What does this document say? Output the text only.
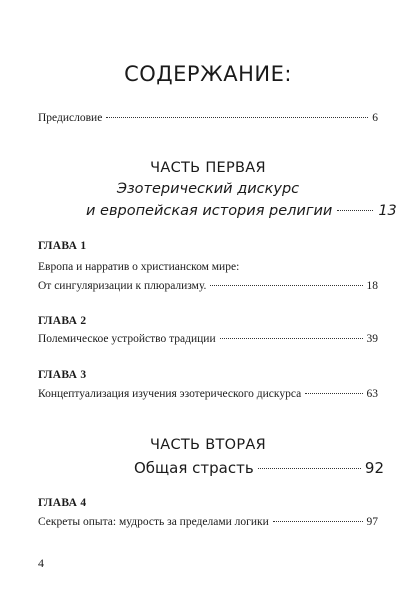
СОДЕРЖАНИЕ:
Предисловие	6
ЧАСТЬ ПЕРВАЯ
Эзотерический дискурс
и европейская история религии	13
ГЛАВА 1
Европа и нарратив о христианском мире:
От сингуляризации к плюрализму.	18
ГЛАВА 2
Полемическое устройство традиции	39
ГЛАВА 3
Концептуализация изучения эзотерического дискурса	63
ЧАСТЬ ВТОРАЯ
Общая страсть	92
ГЛАВА 4
Секреты опыта: мудрость за пределами логики	97
4
